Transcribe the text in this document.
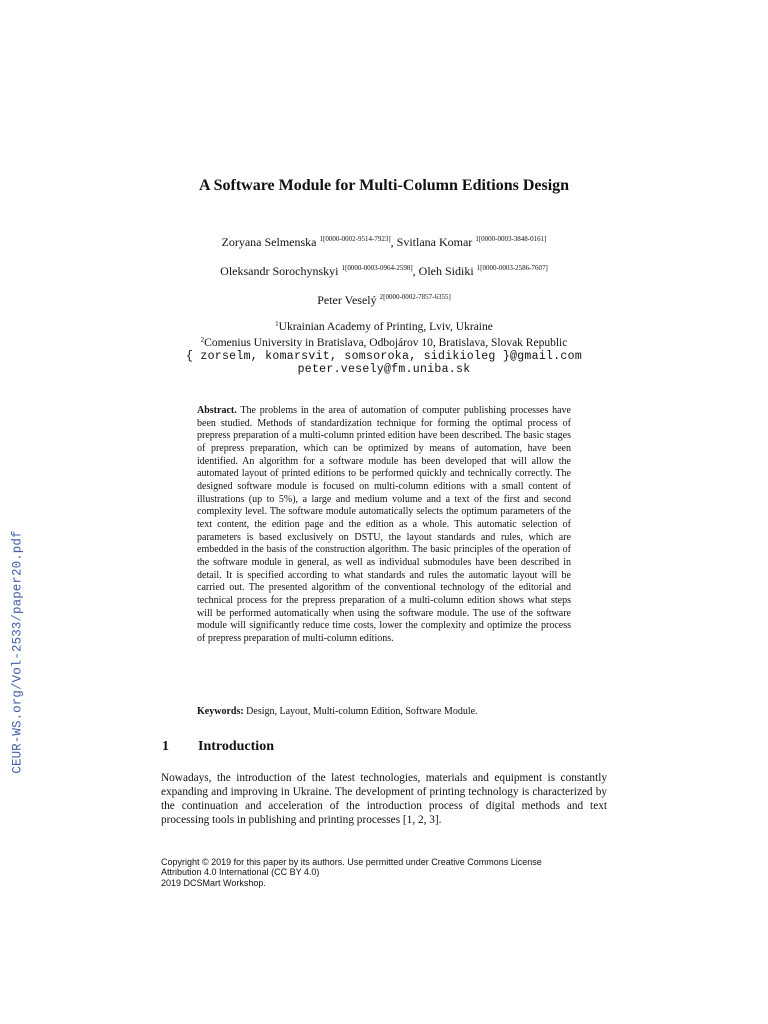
CEUR-WS.org/Vol-2533/paper20.pdf
A Software Module for Multi-Column Editions Design
Zoryana Selmenska $^{1[0000-0002-9514-7923]}$, Svitlana Komar $^{1[0000-0003-3848-0161]}$
Oleksandr Sorochynskyi $^{1[0000-0003-0964-2598]}$, Oleh Sidiki $^{1[0000-0003-2586-7607]}$
Peter Veselý $^{2[0000-0002-7857-6355]}$
$^1$Ukrainian Academy of Printing, Lviv, Ukraine
$^2$Comenius University in Bratislava, Odbojárov 10, Bratislava, Slovak Republic
{ zorselm, komarsvit, somsoroka, sidikioleg }@gmail.com
peter.vesely@fm.uniba.sk
Abstract. The problems in the area of automation of computer publishing processes have been studied. Methods of standardization technique for forming the optimal process of prepress preparation of a multi-column printed edition have been described. The basic stages of prepress preparation, which can be optimized by means of automation, have been identified. An algorithm for a software module has been developed that will allow the automated layout of printed editions to be performed quickly and technically correctly. The designed software module is focused on multi-column editions with a small content of illustrations (up to 5%), a large and medium volume and a text of the first and second complexity level. The software module automatically selects the optimum parameters of the text content, the edition page and the edition as a whole. This automatic selection of parameters is based exclusively on DSTU, the layout standards and rules, which are embedded in the basis of the construction algorithm. The basic principles of the operation of the software module in general, as well as individual submodules have been described in detail. It is specified according to what standards and rules the automatic layout will be carried out. The presented algorithm of the conventional technology of the editorial and technical process for the prepress preparation of a multi-column edition shows what steps will be performed automatically when using the software module. The use of the software module will significantly reduce time costs, lower the complexity and optimize the process of prepress preparation of multi-column editions.
Keywords: Design, Layout, Multi-column Edition, Software Module.
1 Introduction
Nowadays, the introduction of the latest technologies, materials and equipment is constantly expanding and improving in Ukraine. The development of printing technology is characterized by the continuation and acceleration of the introduction process of digital methods and text processing tools in publishing and printing processes [1, 2, 3].
Copyright © 2019 for this paper by its authors. Use permitted under Creative Commons License
Attribution 4.0 International (CC BY 4.0)
2019 DCSMart Workshop.
